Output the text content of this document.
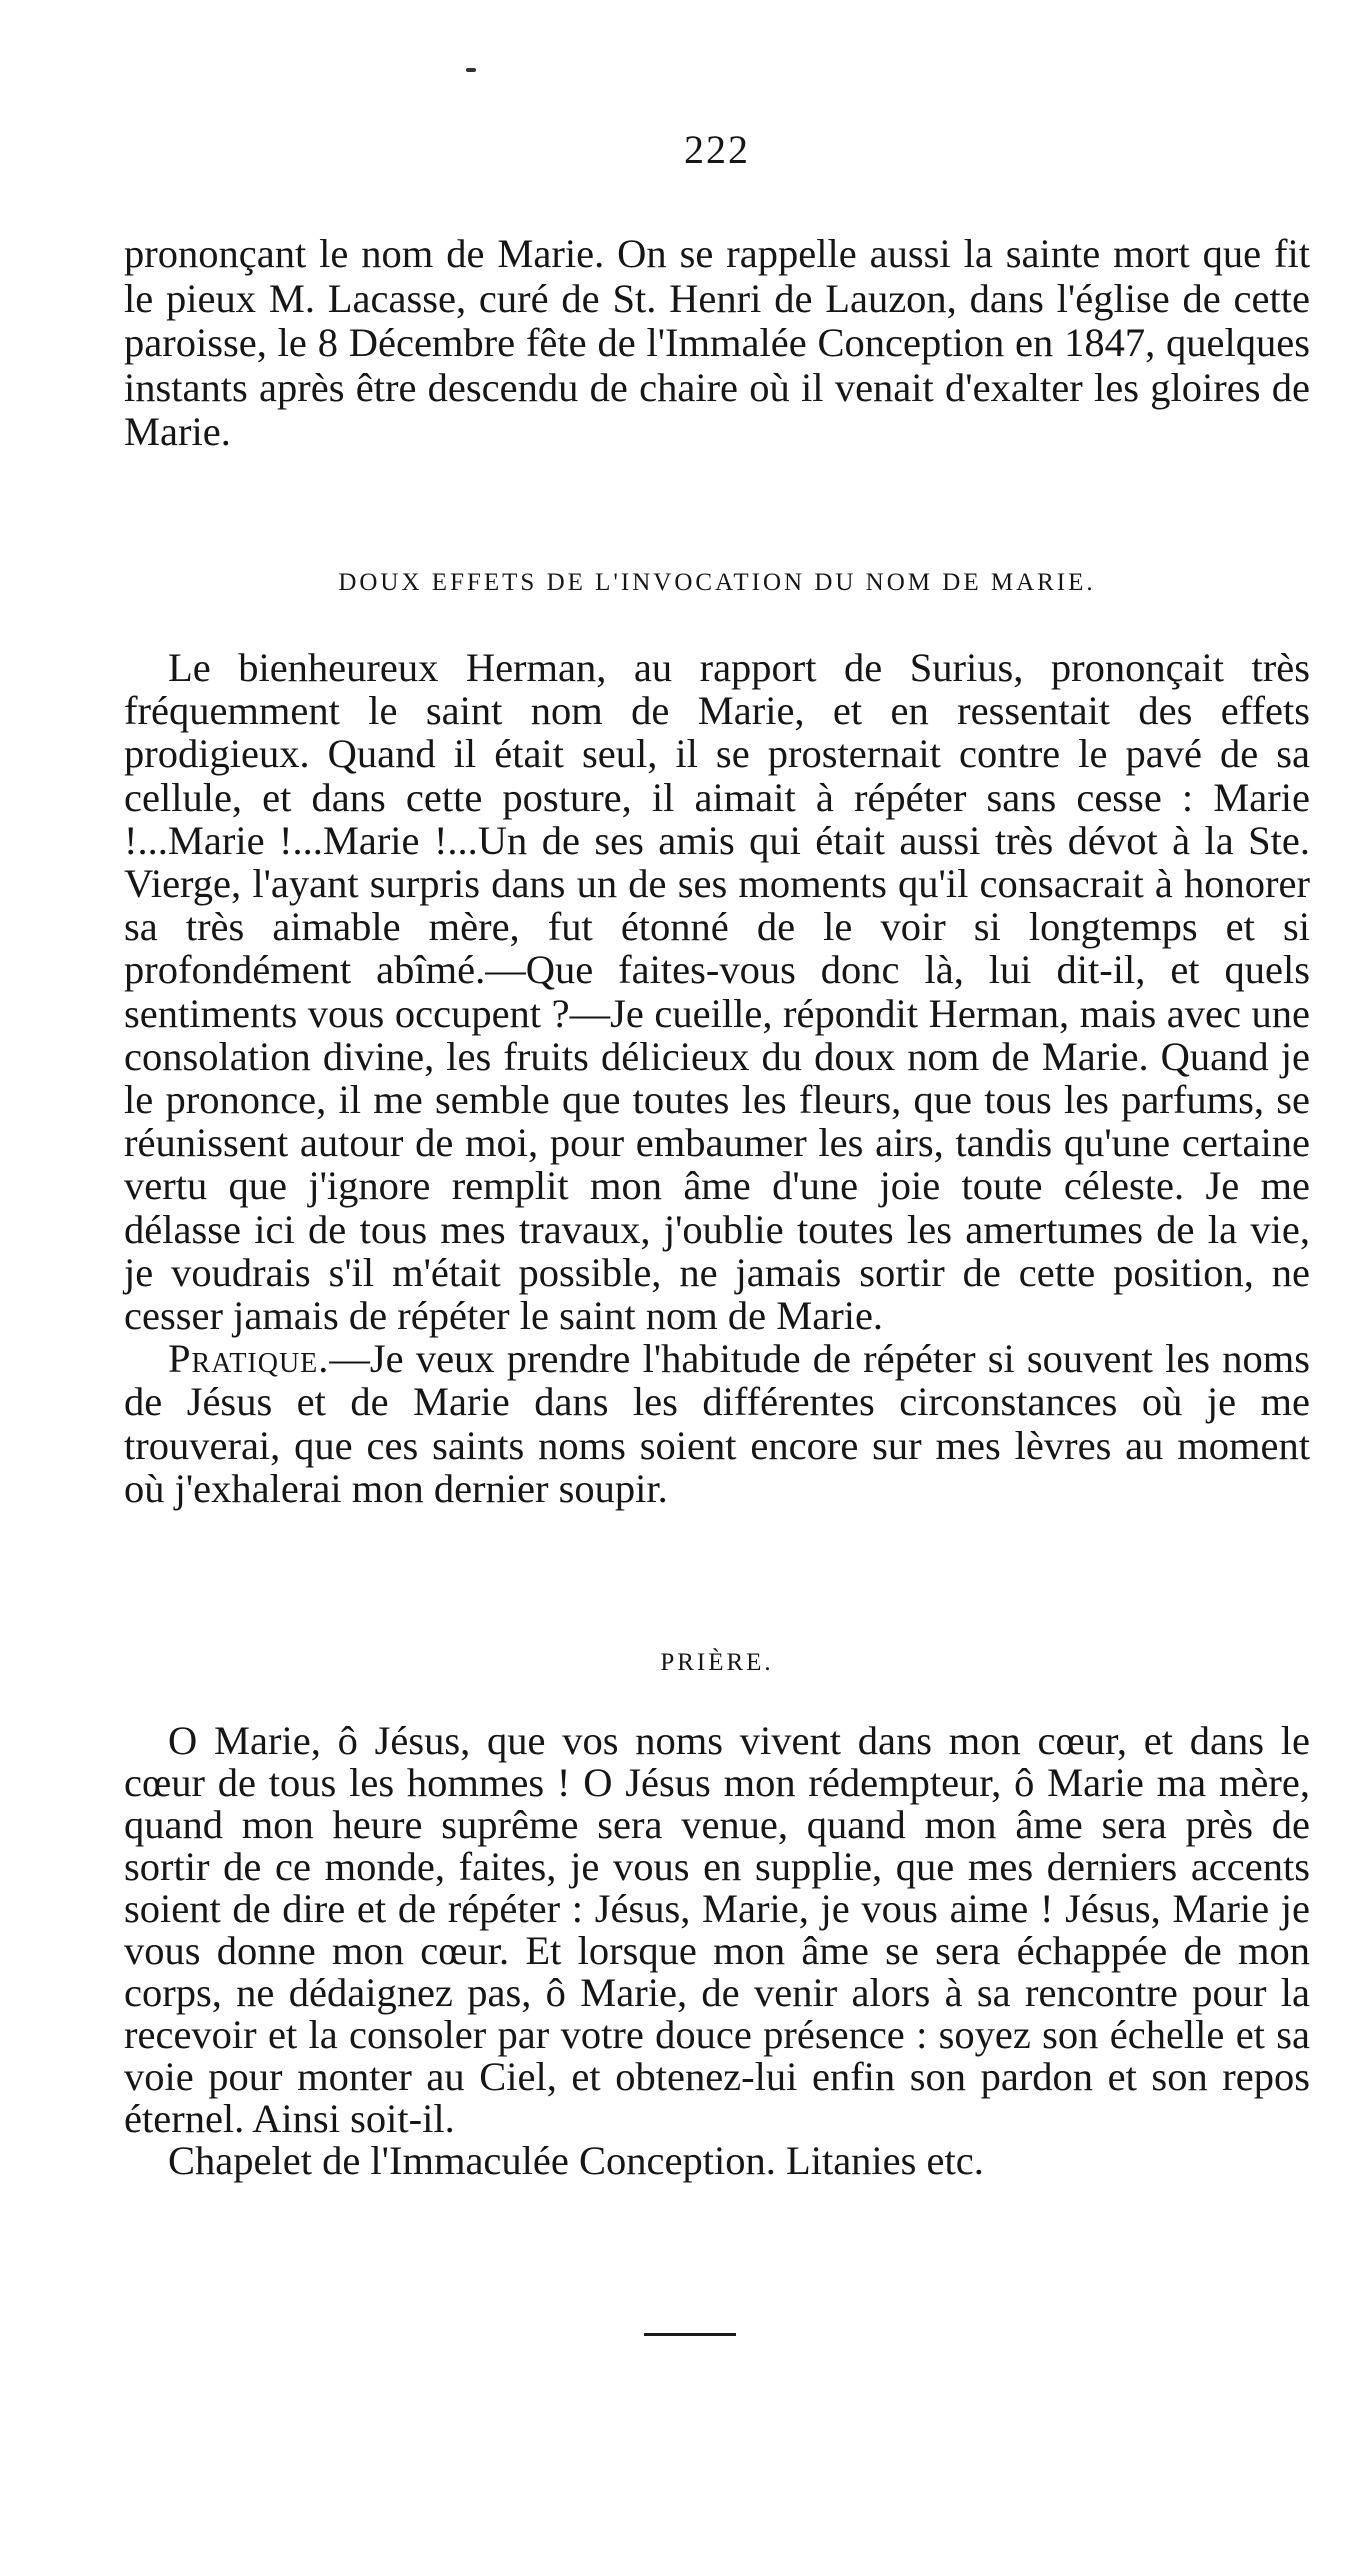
222

prononçant le nom de Marie. On se rappelle aussi la sainte mort que fit le pieux M. Lacasse, curé de St. Henri de Lauzon, dans l'église de cette paroisse, le 8 Décembre fête de l'Immalée Conception en 1847, quelques instants après être descendu de chaire où il venait d'exalter les gloires de Marie.

DOUX EFFETS DE L'INVOCATION DU NOM DE MARIE.

Le bienheureux Herman, au rapport de Surius, prononçait très fréquemment le saint nom de Marie, et en ressentait des effets prodigieux. Quand il était seul, il se prosternait contre le pavé de sa cellule, et dans cette posture, il aimait à répéter sans cesse : Marie !...Marie !...Marie !...Un de ses amis qui était aussi très dévot à la Ste. Vierge, l'ayant surpris dans un de ses moments qu'il consacrait à honorer sa très aimable mère, fut étonné de le voir si longtemps et si profondément abîmé.—Que faites-vous donc là, lui dit-il, et quels sentiments vous occupent ?—Je cueille, répondit Herman, mais avec une consolation divine, les fruits délicieux du doux nom de Marie. Quand je le prononce, il me semble que toutes les fleurs, que tous les parfums, se réunissent autour de moi, pour embaumer les airs, tandis qu'une certaine vertu que j'ignore remplit mon âme d'une joie toute céleste. Je me délasse ici de tous mes travaux, j'oublie toutes les amertumes de la vie, je voudrais s'il m'était possible, ne jamais sortir de cette position, ne cesser jamais de répéter le saint nom de Marie.

Pratique.—Je veux prendre l'habitude de répéter si souvent les noms de Jésus et de Marie dans les différentes circonstances où je me trouverai, que ces saints noms soient encore sur mes lèvres au moment où j'exhalerai mon dernier soupir.

PRIÈRE.

O Marie, ô Jésus, que vos noms vivent dans mon cœur, et dans le cœur de tous les hommes ! O Jésus mon rédempteur, ô Marie ma mère, quand mon heure suprême sera venue, quand mon âme sera près de sortir de ce monde, faites, je vous en supplie, que mes derniers accents soient de dire et de répéter : Jésus, Marie, je vous aime ! Jésus, Marie je vous donne mon cœur. Et lorsque mon âme se sera échappée de mon corps, ne dédaignez pas, ô Marie, de venir alors à sa rencontre pour la recevoir et la consoler par votre douce présence : soyez son échelle et sa voie pour monter au Ciel, et obtenez-lui enfin son pardon et son repos éternel. Ainsi soit-il.

Chapelet de l'Immaculée Conception. Litanies etc.
